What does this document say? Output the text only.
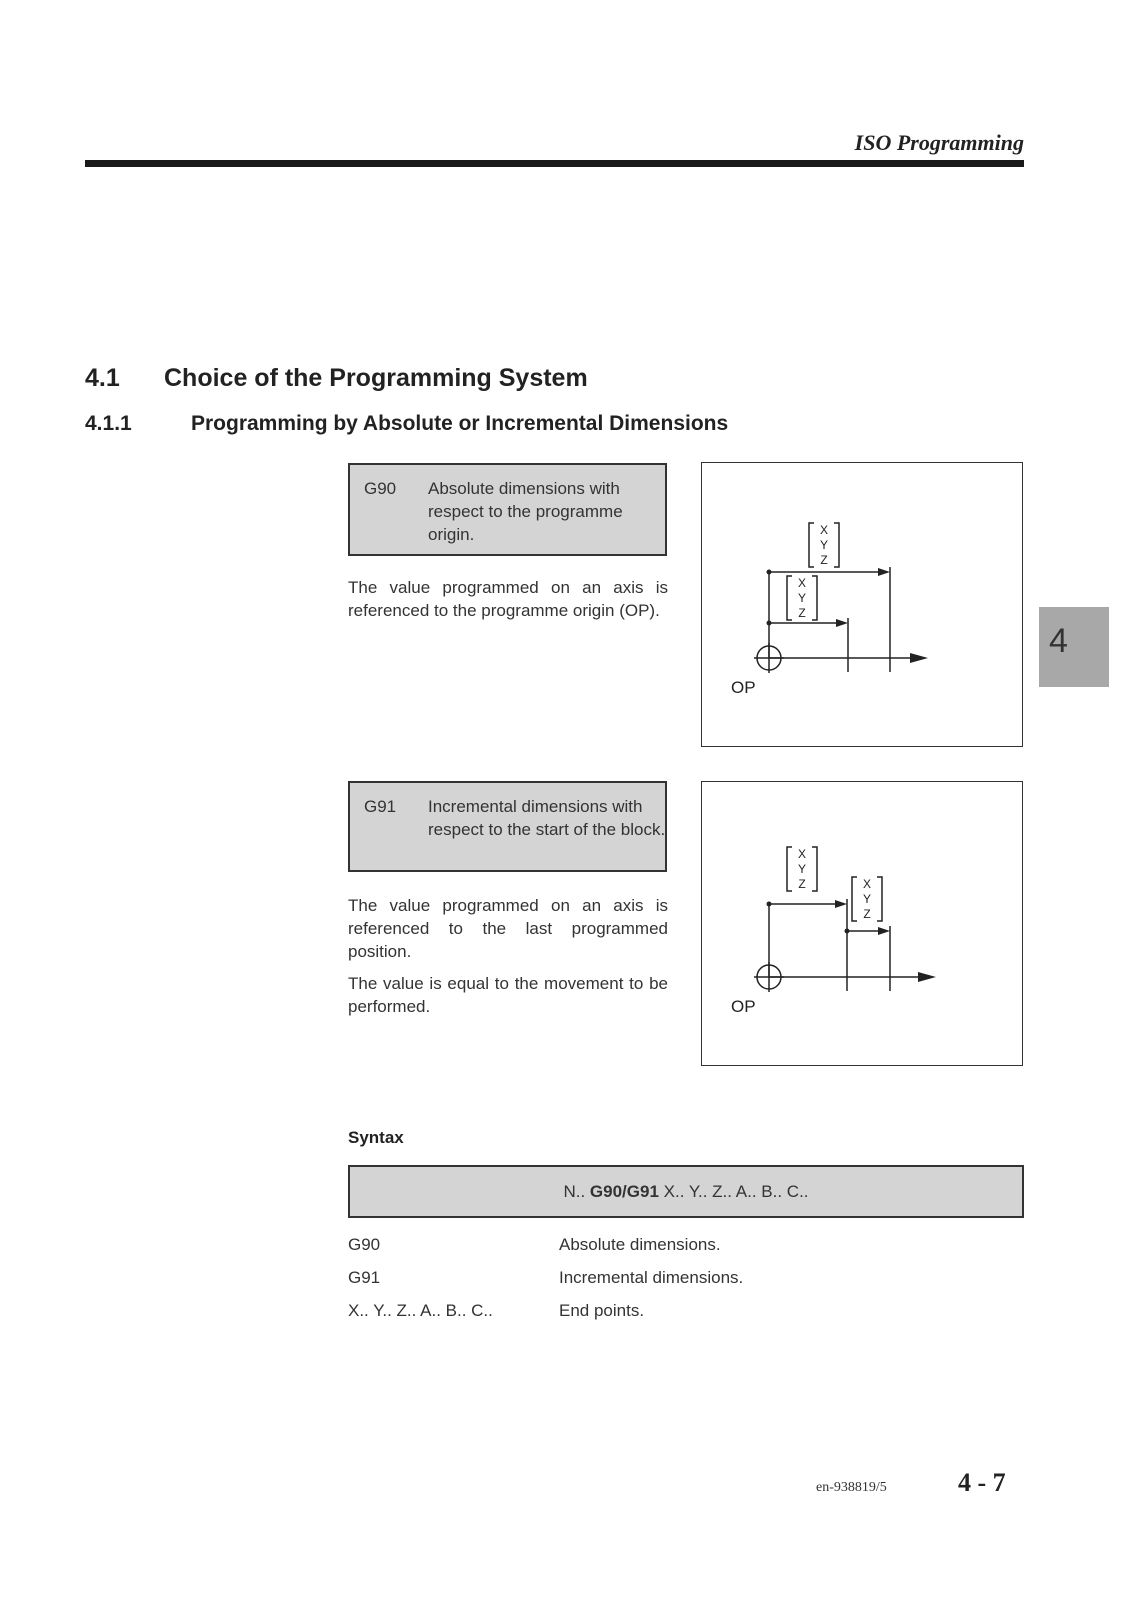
ISO Programming
4.1 Choice of the Programming System
4.1.1	Programming by Absolute or Incremental Dimensions
4
G90 Absolute dimensions with respect to the programme origin.
The value programmed on an axis is referenced to the programme origin (OP).
X
Y
Z
X
Y
Z
OP
G91 Incremental dimensions with respect to the start of the block.
The value programmed on an axis is referenced to the last programmed position.
The value is equal to the movement to be performed.
X
Y
Z	X
Y
Z
OP
Syntax
N.. G90/G91 X.. Y.. Z.. A.. B.. C..
G90	Absolute dimensions.
G91	Incremental dimensions.
X.. Y.. Z.. A.. B.. C..	End points.
en-938819/5	4 - 7
